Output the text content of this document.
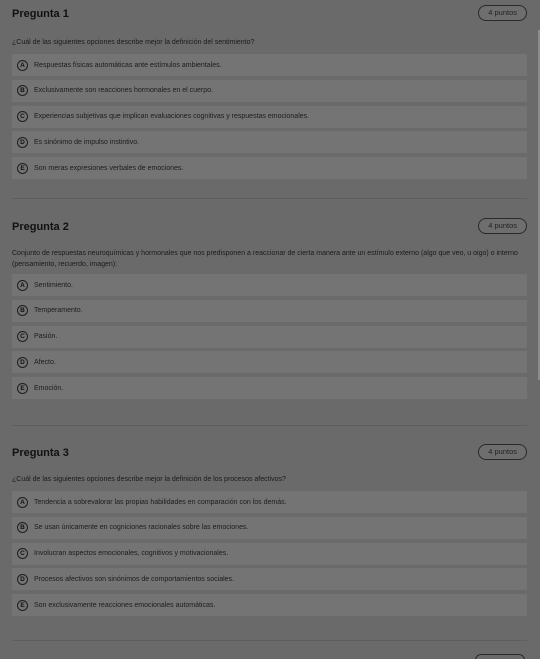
Pregunta 1	4 puntos
¿Cuál de las siguientes opciones describe mejor la definición del sentimiento?
A	Respuestas físicas automáticas ante estímulos ambientales.
B	Exclusivamente son reacciones hormonales en el cuerpo.
C	Experiencias subjetivas que implican evaluaciones cognitivas y respuestas emocionales.
D	Es sinónimo de impulso instintivo.
E	Son meras expresiones verbales de emociones.
Pregunta 2	4 puntos
Conjunto de respuestas neuroquímicas y hormonales que nos predisponen a reaccionar de cierta manera ante un estímulo externo (algo que veo, u oigo) o interno (pensamiento, recuerdo, imagen):
A	Sentimiento.
B	Temperamento.
C	Pasión.
D	Afecto.
E	Emoción.
Pregunta 3	4 puntos
¿Cuál de las siguientes opciones describe mejor la definición de los procesos afectivos?
A	Tendencia a sobrevalorar las propias habilidades en comparación con los demás.
B	Se usan únicamente en cogniciones racionales sobre las emociones.
C	Involucran aspectos emocionales, cognitivos y motivacionales.
D	Procesos afectivos son sinónimos de comportamientos sociales.
E	Son exclusivamente reacciones emocionales automáticas.
